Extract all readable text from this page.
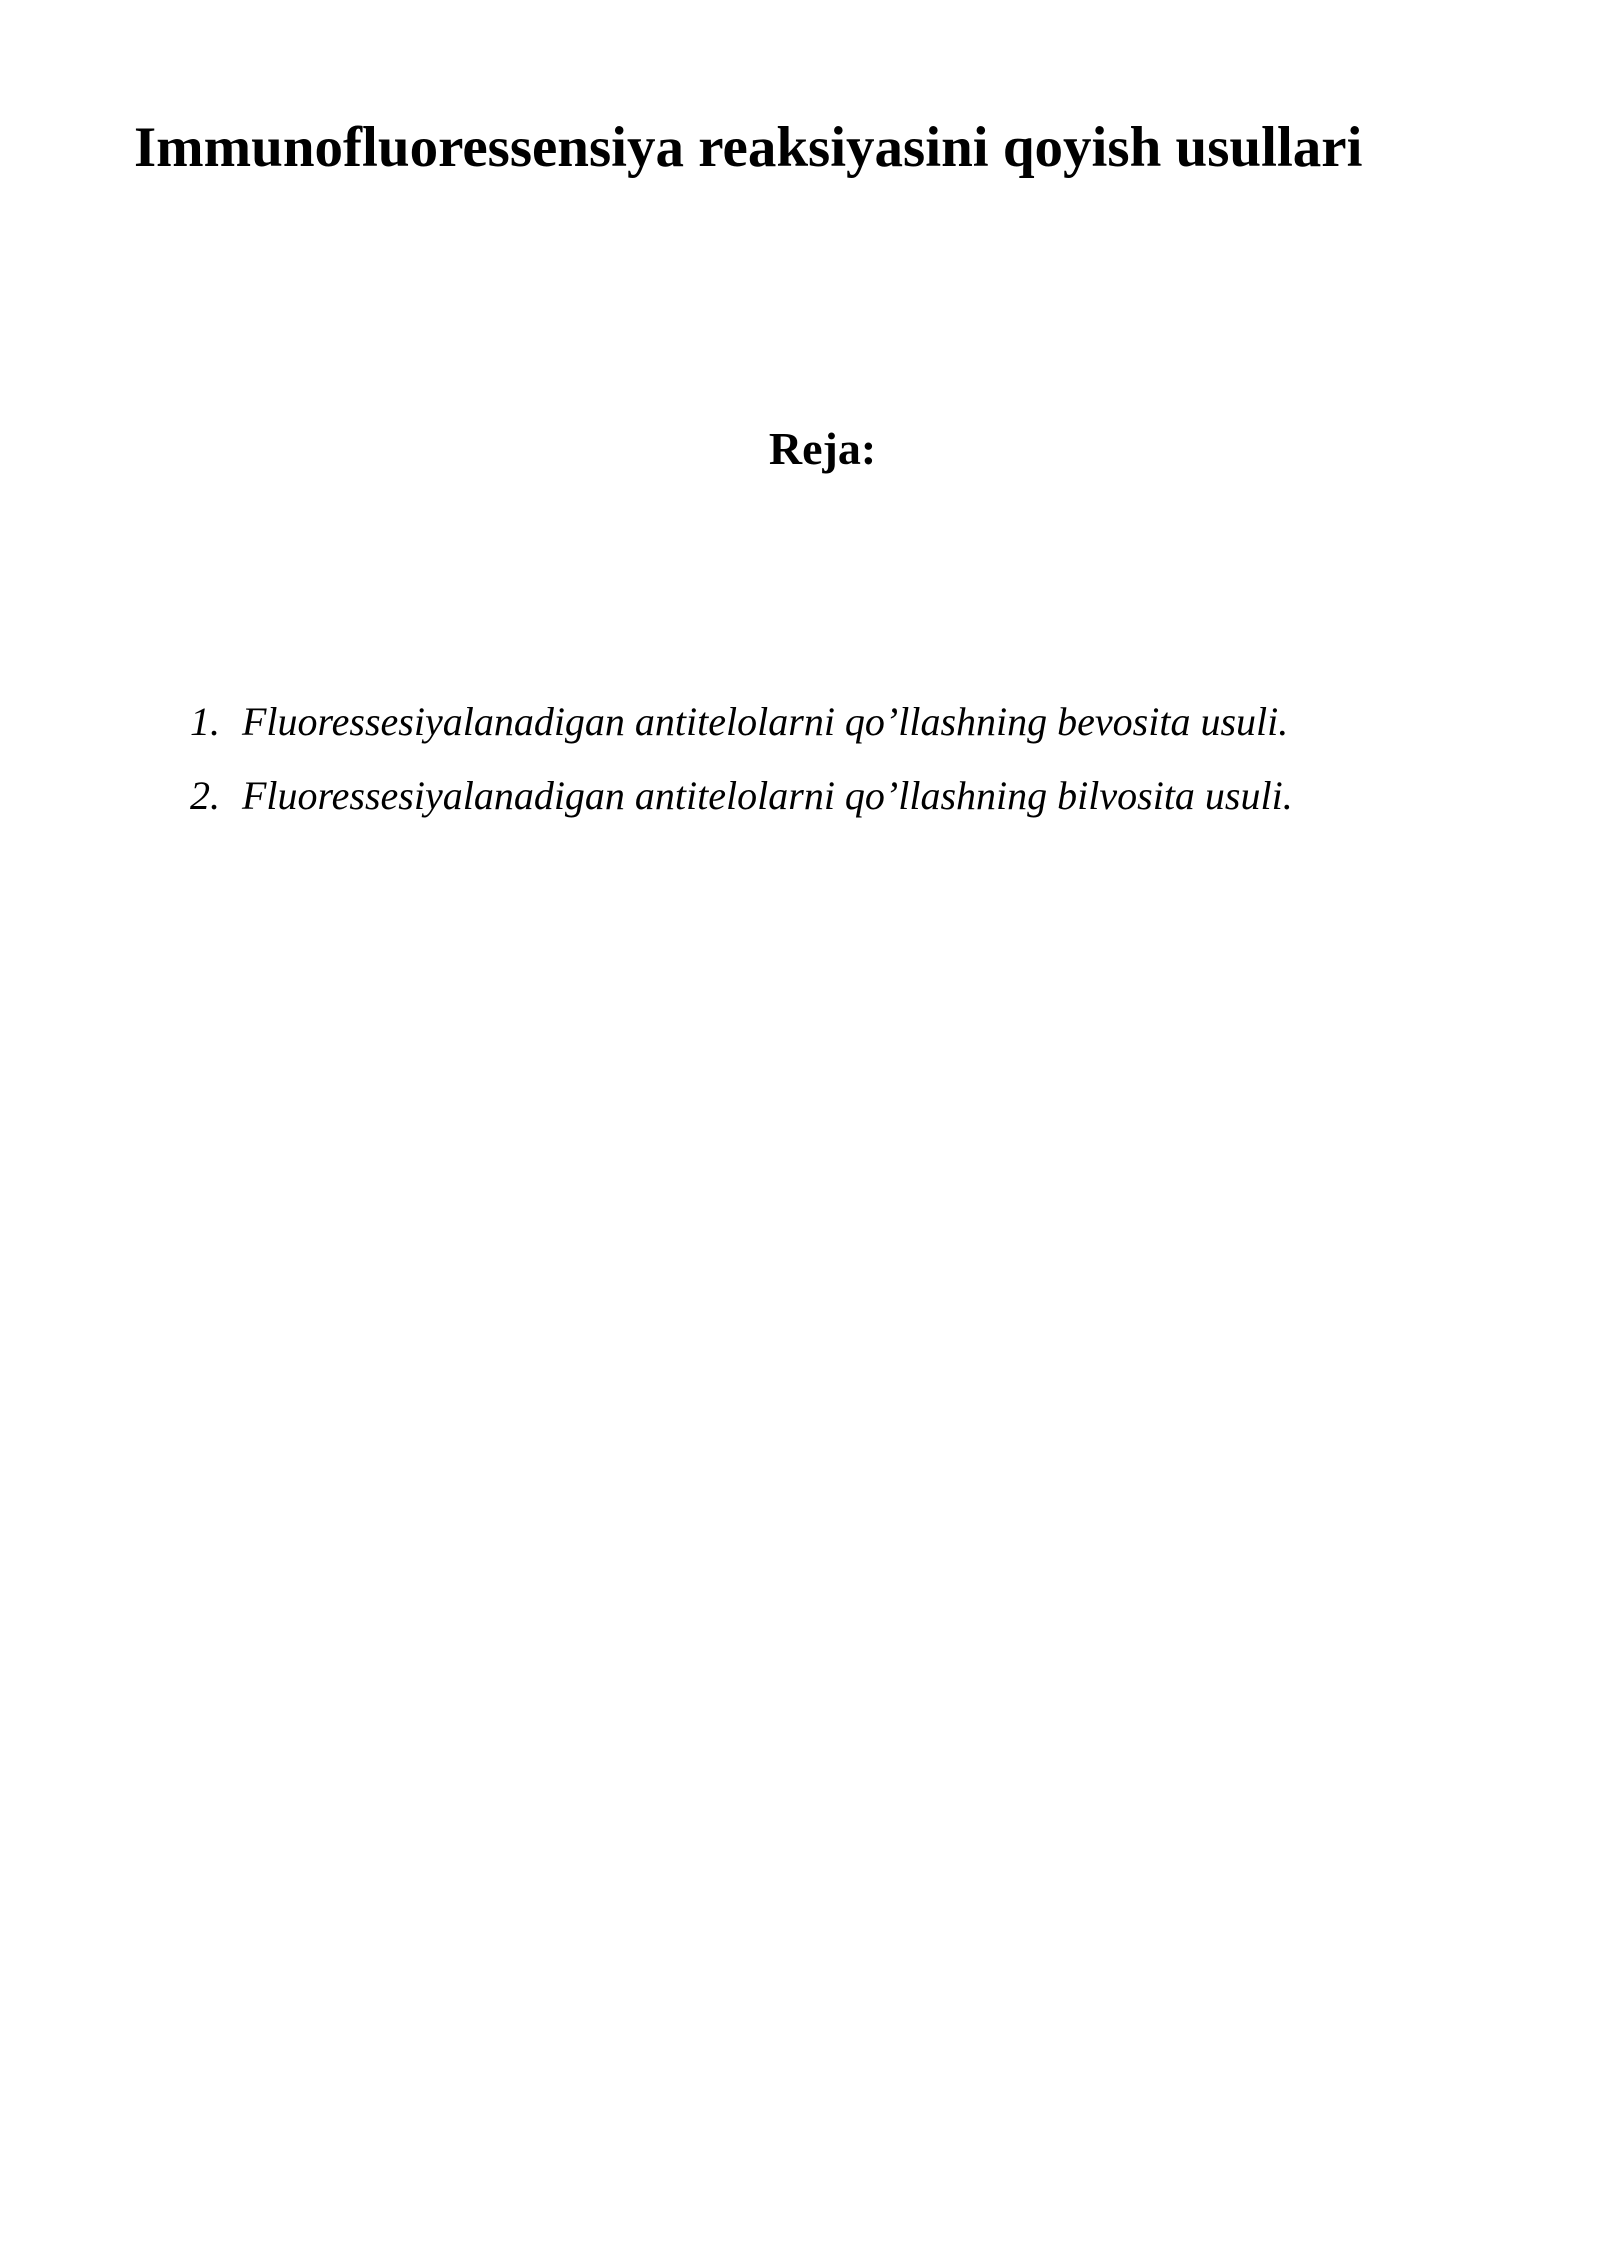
Immunofluoressensiya reaksiyasini qoyish usullari
Reja:
1. Fluoressesiyalanadigan antitelolarni qo’llashning bevosita usuli.
2. Fluoressesiyalanadigan antitelolarni qo’llashning bilvosita usuli.
